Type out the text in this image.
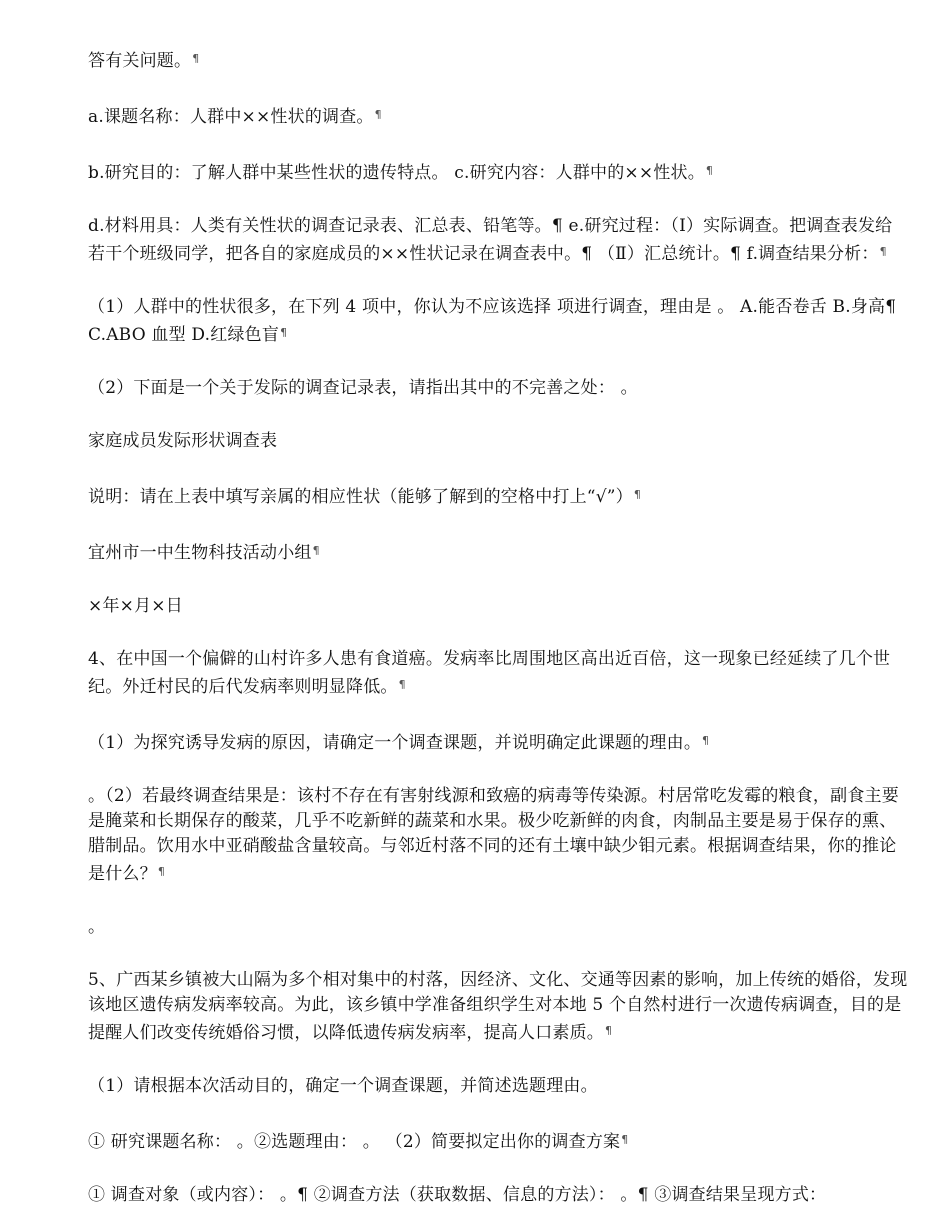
答有关问题。¶

a.课题名称：人群中××性状的调查。¶

b.研究目的：了解人群中某些性状的遗传特点。 c.研究内容：人群中的××性状。¶

d.材料用具：人类有关性状的调查记录表、汇总表、铅笔等。¶ e.研究过程：（Ⅰ）实际调查。把调查表发给若干个班级同学，把各自的家庭成员的××性状记录在调查表中。¶ （Ⅱ）汇总统计。¶ f.调查结果分析：¶

（1）人群中的性状很多，在下列 4 项中，你认为不应该选择 项进行调查，理由是 。 A.能否卷舌 B.身高¶ C.ABO 血型 D.红绿色盲¶

（2）下面是一个关于发际的调查记录表，请指出其中的不完善之处： 。

家庭成员发际形状调查表

说明：请在上表中填写亲属的相应性状（能够了解到的空格中打上“√”）¶

宜州市一中生物科技活动小组¶

×年×月×日

4、在中国一个偏僻的山村许多人患有食道癌。发病率比周围地区高出近百倍，这一现象已经延续了几个世纪。外迁村民的后代发病率则明显降低。¶

（1）为探究诱导发病的原因，请确定一个调查课题，并说明确定此课题的理由。¶

。（2）若最终调查结果是：该村不存在有害射线源和致癌的病毒等传染源。村居常吃发霉的粮食，副食主要是腌菜和长期保存的酸菜，几乎不吃新鲜的蔬菜和水果。极少吃新鲜的肉食，肉制品主要是易于保存的熏、腊制品。饮用水中亚硝酸盐含量较高。与邻近村落不同的还有土壤中缺少钼元素。根据调查结果，你的推论是什么？¶

。

5、广西某乡镇被大山隔为多个相对集中的村落，因经济、文化、交通等因素的影响，加上传统的婚俗，发现该地区遗传病发病率较高。为此，该乡镇中学准备组织学生对本地 5 个自然村进行一次遗传病调查，目的是提醒人们改变传统婚俗习惯，以降低遗传病发病率，提高人口素质。¶

（1）请根据本次活动目的，确定一个调查课题，并简述选题理由。

① 研究课题名称： 。②选题理由： 。 （2）简要拟定出你的调查方案¶

① 调查对象（或内容）： 。¶ ②调查方法（获取数据、信息的方法）： 。¶ ③调查结果呈现方式：
